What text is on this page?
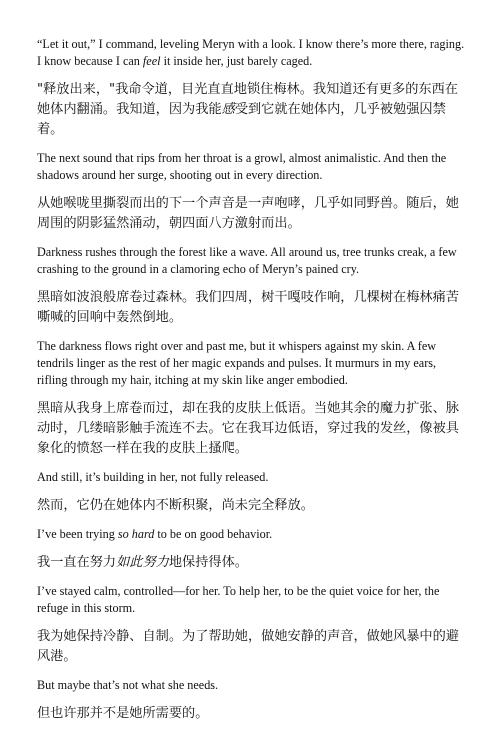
“Let it out,” I command, leveling Meryn with a look. I know there’s more there, raging. I know because I can feel it inside her, just barely caged.

"释放出来，"我命令道，目光直直地锁住梅林。我知道还有更多的东西在她体内翻涌。我知道，因为我能感受到它就在她体内，几乎被勉强囚禁着。

The next sound that rips from her throat is a growl, almost animalistic. And then the shadows around her surge, shooting out in every direction.

从她喉咙里撕裂而出的下一个声音是一声咆哮，几乎如同野兽。随后，她周围的阴影猛然涌动，朝四面八方激射而出。

Darkness rushes through the forest like a wave. All around us, tree trunks creak, a few crashing to the ground in a clamoring echo of Meryn’s pained cry.

黑暗如波浪般席卷过森林。我们四周，树干嘎吱作响，几棵树在梅林痛苦嘶喊的回响中轰然倒地。

The darkness flows right over and past me, but it whispers against my skin. A few tendrils linger as the rest of her magic expands and pulses. It murmurs in my ears, rifling through my hair, itching at my skin like anger embodied.

黑暗从我身上席卷而过，却在我的皮肤上低语。当她其余的魔力扩张、脉动时，几缕暗影触手流连不去。它在我耳边低语，穿过我的发丝，像被具象化的愤怒一样在我的皮肤上搔爬。

And still, it’s building in her, not fully released.

然而，它仍在她体内不断积聚，尚未完全释放。

I’ve been trying so hard to be on good behavior.

我一直在努力如此努力地保持得体。

I’ve stayed calm, controlled—for her. To help her, to be the quiet voice for her, the refuge in this storm.

我为她保持冷静、自制。为了帮助她，做她安静的声音，做她风暴中的避风港。

But maybe that’s not what she needs.

但也许那并不是她所需要的。
